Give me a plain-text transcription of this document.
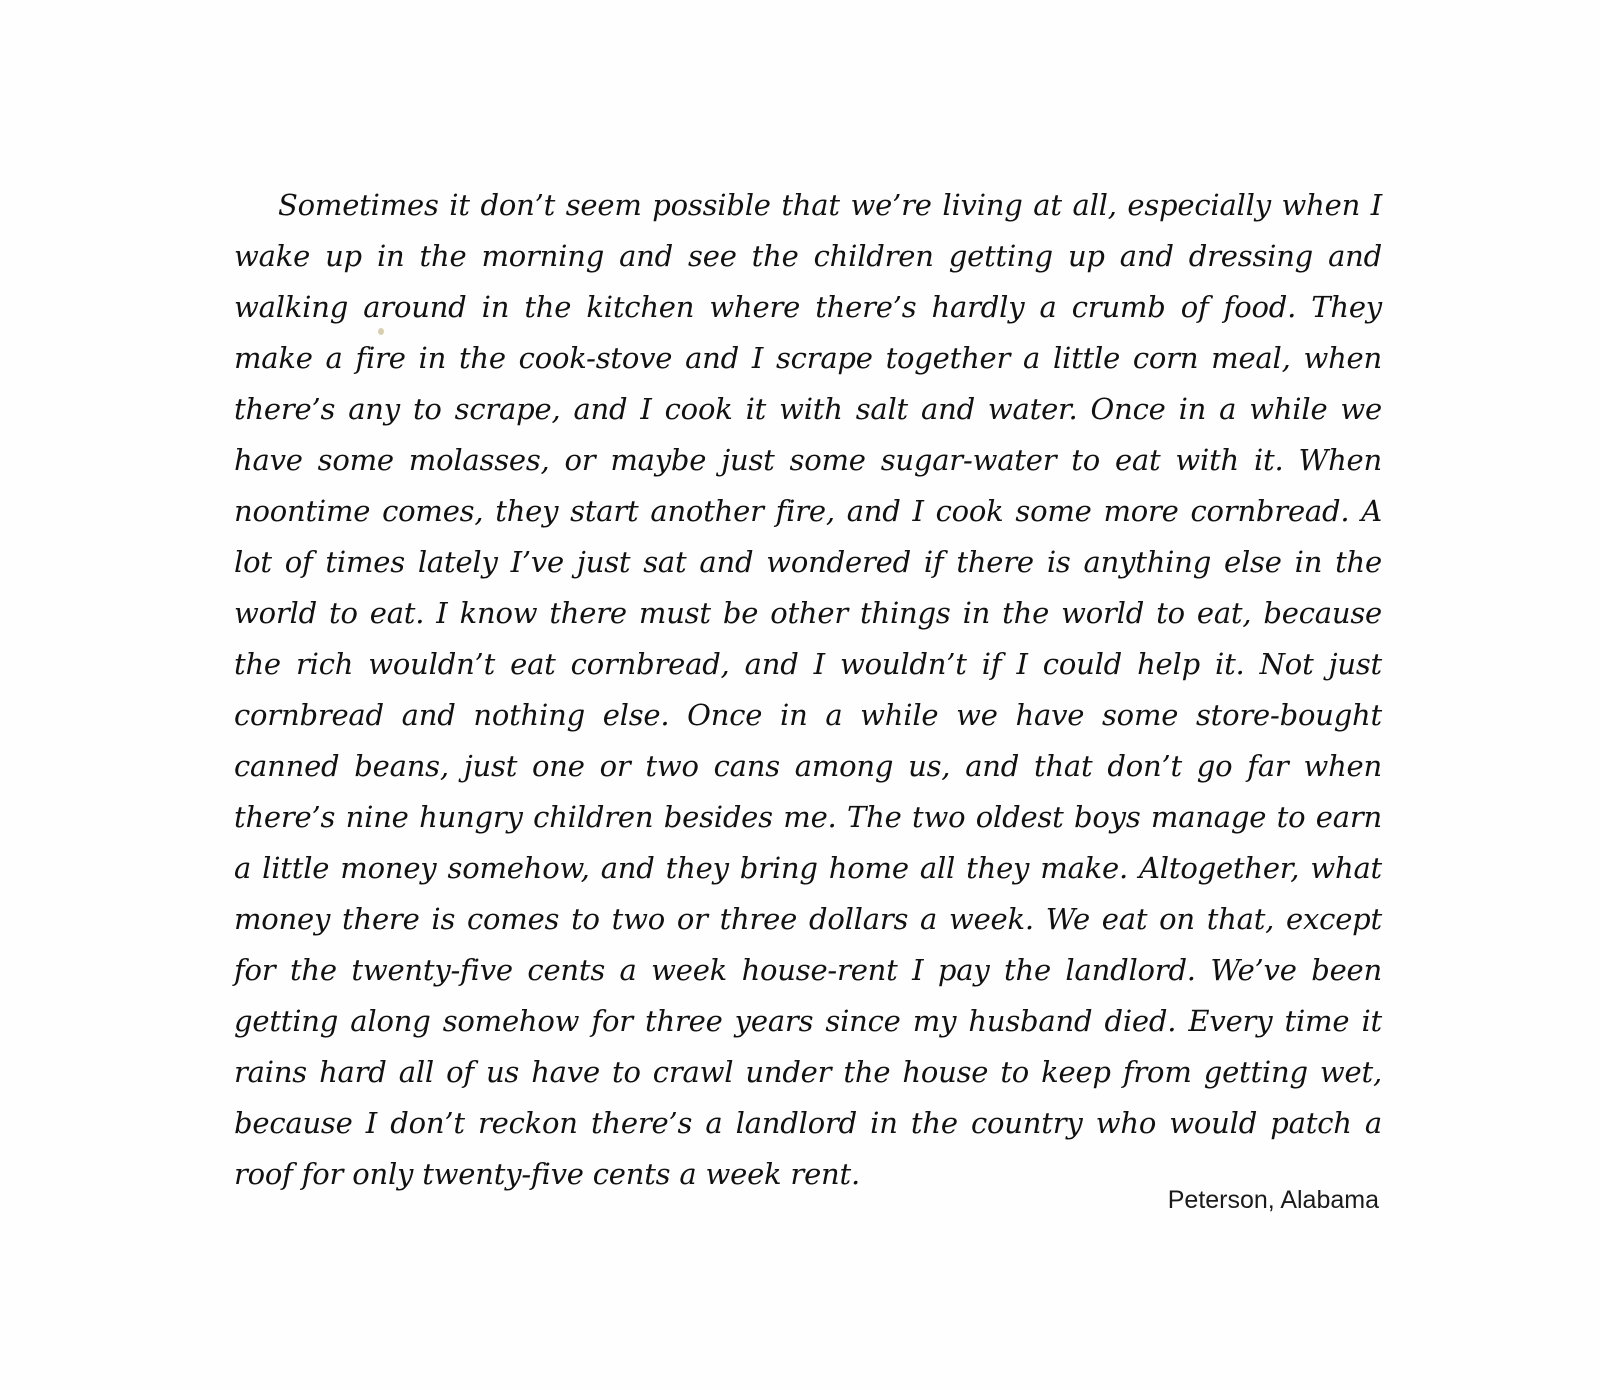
Sometimes it don’t seem possible that we’re living at all, especially when I wake up in the morning and see the children getting up and dressing and walking around in the kitchen where there’s hardly a crumb of food. They make a fire in the cook-stove and I scrape together a little corn meal, when there’s any to scrape, and I cook it with salt and water. Once in a while we have some molasses, or maybe just some sugar-water to eat with it. When noontime comes, they start another fire, and I cook some more cornbread. A lot of times lately I’ve just sat and wondered if there is anything else in the world to eat. I know there must be other things in the world to eat, because the rich wouldn’t eat cornbread, and I wouldn’t if I could help it. Not just cornbread and nothing else. Once in a while we have some store-bought canned beans, just one or two cans among us, and that don’t go far when there’s nine hungry children besides me. The two oldest boys manage to earn a little money somehow, and they bring home all they make. Altogether, what money there is comes to two or three dollars a week. We eat on that, except for the twenty-five cents a week house-rent I pay the landlord. We’ve been getting along somehow for three years since my husband died. Every time it rains hard all of us have to crawl under the house to keep from getting wet, because I don’t reckon there’s a landlord in the country who would patch a roof for only twenty-five cents a week rent.

Peterson, Alabama
